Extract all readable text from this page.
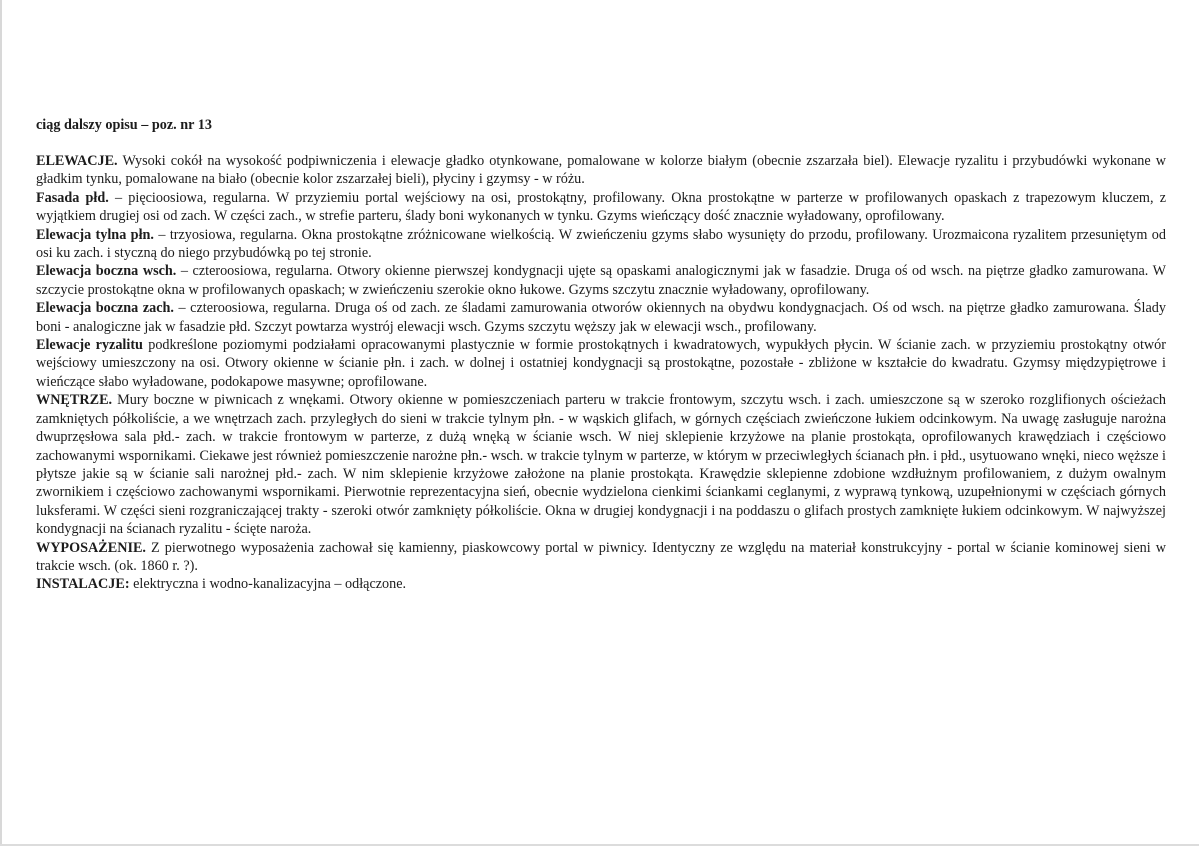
ciąg dalszy opisu – poz. nr 13

ELEWACJE. Wysoki cokół na wysokość podpiwniczenia i elewacje gładko otynkowane, pomalowane w kolorze białym (obecnie zszarzała biel). Elewacje ryzalitu i przybudówki wykonane w gładkim tynku, pomalowane na biało (obecnie kolor zszarzałej bieli), płyciny i gzymsy - w różu.

Fasada płd. – pięcioosiowa, regularna. W przyziemiu portal wejściowy na osi, prostokątny, profilowany. Okna prostokątne w parterze w profilowanych opaskach z trapezowym kluczem, z wyjątkiem drugiej osi od zach. W części zach., w strefie parteru, ślady boni wykonanych w tynku. Gzyms wieńczący dość znacznie wyładowany, oprofilowany.

Elewacja tylna płn. – trzyosiowa, regularna. Okna prostokątne zróżnicowane wielkością. W zwieńczeniu gzyms słabo wysunięty do przodu, profilowany. Urozmaicona ryzalitem przesuniętym od osi ku zach. i styczną do niego przybudówką po tej stronie.

Elewacja boczna wsch. – czteroosiowa, regularna. Otwory okienne pierwszej kondygnacji ujęte są opaskami analogicznymi jak w fasadzie. Druga oś od wsch. na piętrze gładko zamurowana. W szczycie prostokątne okna w profilowanych opaskach; w zwieńczeniu szerokie okno łukowe. Gzyms szczytu znacznie wyładowany, oprofilowany.

Elewacja boczna zach. – czteroosiowa, regularna. Druga oś od zach. ze śladami zamurowania otworów okiennych na obydwu kondygnacjach. Oś od wsch. na piętrze gładko zamurowana. Ślady boni - analogiczne jak w fasadzie płd. Szczyt powtarza wystrój elewacji wsch. Gzyms szczytu węższy jak w elewacji wsch., profilowany.

Elewacje ryzalitu podkreślone poziomymi podziałami opracowanymi plastycznie w formie prostokątnych i kwadratowych, wypukłych płycin. W ścianie zach. w przyziemiu prostokątny otwór wejściowy umieszczony na osi. Otwory okienne w ścianie płn. i zach. w dolnej i ostatniej kondygnacji są prostokątne, pozostałe - zbliżone w kształcie do kwadratu. Gzymsy międzypiętrowe i wieńczące słabo wyładowane, podokapowe masywne; oprofilowane.

WNĘTRZE. Mury boczne w piwnicach z wnękami. Otwory okienne w pomieszczeniach parteru w trakcie frontowym, szczytu wsch. i zach. umieszczone są w szeroko rozglifionych ościeżach zamkniętych półkoliście, a we wnętrzach zach. przyległych do sieni w trakcie tylnym płn. - w wąskich glifach, w górnych częściach zwieńczone łukiem odcinkowym. Na uwagę zasługuje narożna dwuprzęsłowa sala płd.- zach. w trakcie frontowym w parterze, z dużą wnęką w ścianie wsch. W niej sklepienie krzyżowe na planie prostokąta, oprofilowanych krawędziach i częściowo zachowanymi wspornikami. Ciekawe jest również pomieszczenie narożne płn.- wsch. w trakcie tylnym w parterze, w którym w przeciwległych ścianach płn. i płd., usytuowano wnęki, nieco węższe i płytsze jakie są w ścianie sali narożnej płd.- zach. W nim sklepienie krzyżowe założone na planie prostokąta. Krawędzie sklepienne zdobione wzdłużnym profilowaniem, z dużym owalnym zwornikiem i częściowo zachowanymi wspornikami. Pierwotnie reprezentacyjna sień, obecnie wydzielona cienkimi ściankami ceglanymi, z wyprawą tynkową, uzupełnionymi w częściach górnych luksferami. W części sieni rozgraniczającej trakty - szeroki otwór zamknięty półkoliście. Okna w drugiej kondygnacji i na poddaszu o glifach prostych zamknięte łukiem odcinkowym. W najwyższej kondygnacji na ścianach ryzalitu - ścięte naroża.

WYPOSAŻENIE. Z pierwotnego wyposażenia zachował się kamienny, piaskowcowy portal w piwnicy. Identyczny ze względu na materiał konstrukcyjny - portal w ścianie kominowej sieni w trakcie wsch. (ok. 1860 r. ?).

INSTALACJE: elektryczna i wodno-kanalizacyjna – odłączone.
